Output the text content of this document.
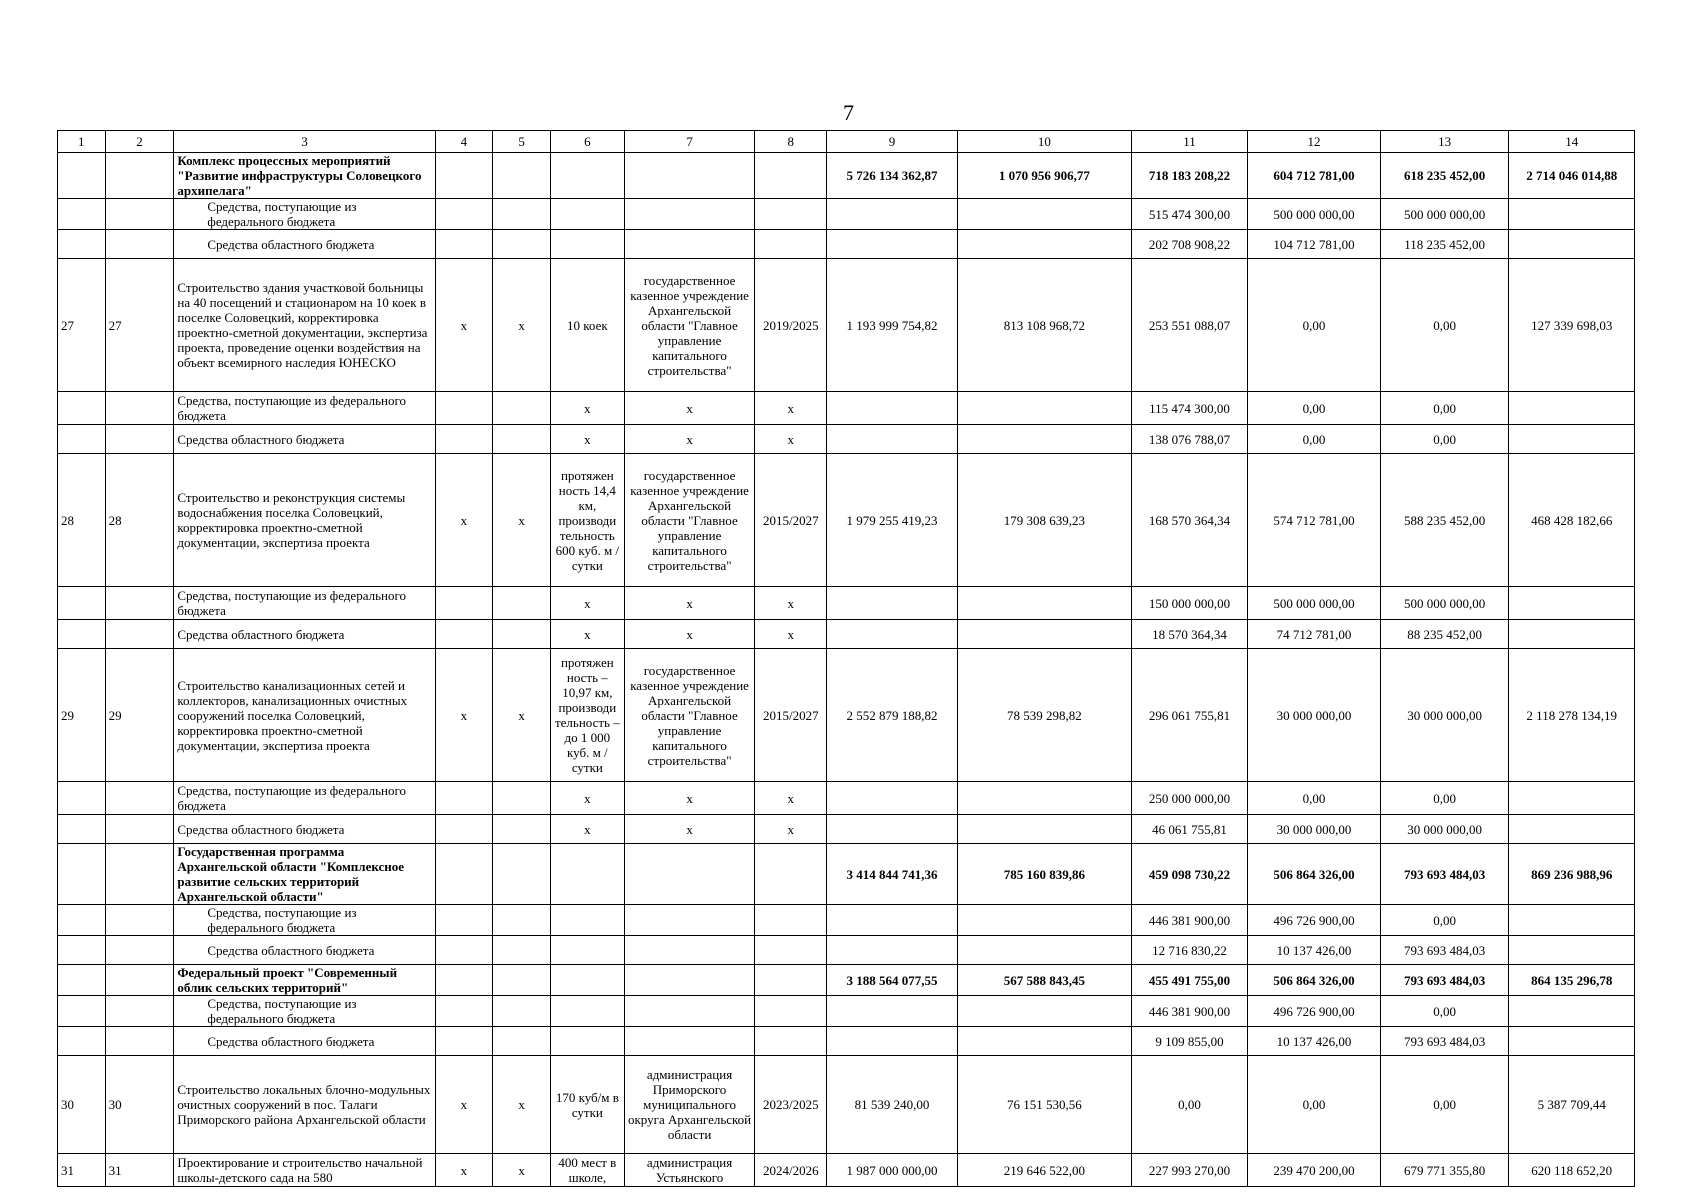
7
1	2	3	4	5	6	7	8	9	10	11	12	13	14
		Комплекс процессных мероприятий "Развитие инфраструктуры Соловецкого архипелага"						5 726 134 362,87	1 070 956 906,77	718 183 208,22	604 712 781,00	618 235 452,00	2 714 046 014,88
		Средства, поступающие из федерального бюджета								515 474 300,00	500 000 000,00	500 000 000,00	
		Средства областного бюджета								202 708 908,22	104 712 781,00	118 235 452,00	
27	27	Строительство здания участковой больницы на 40 посещений и стационаром на 10 коек в поселке Соловецкий, корректировка проектно-сметной документации, экспертиза проекта, проведение оценки воздействия на объект всемирного наследия ЮНЕСКО	х	х	10 коек	государственное казенное учреждение Архангельской области "Главное управление капитального строительства"	2019/2025	1 193 999 754,82	813 108 968,72	253 551 088,07	0,00	0,00	127 339 698,03
		Средства, поступающие из федерального бюджета			х	х	х			115 474 300,00	0,00	0,00	
		Средства областного бюджета			х	х	х			138 076 788,07	0,00	0,00	
28	28	Строительство и реконструкция системы водоснабжения поселка Соловецкий, корректировка проектно-сметной документации, экспертиза проекта	х	х	протяжен ность 14,4 км, производи тельность 600 куб. м / сутки	государственное казенное учреждение Архангельской области "Главное управление капитального строительства"	2015/2027	1 979 255 419,23	179 308 639,23	168 570 364,34	574 712 781,00	588 235 452,00	468 428 182,66
		Средства, поступающие из федерального бюджета			х	х	х			150 000 000,00	500 000 000,00	500 000 000,00	
		Средства областного бюджета			х	х	х			18 570 364,34	74 712 781,00	88 235 452,00	
29	29	Строительство канализационных сетей и коллекторов, канализационных очистных сооружений поселка Соловецкий, корректировка проектно-сметной документации, экспертиза проекта	х	х	протяжен ность – 10,97 км, производи тельность – до 1 000 куб. м / сутки	государственное казенное учреждение Архангельской области "Главное управление капитального строительства"	2015/2027	2 552 879 188,82	78 539 298,82	296 061 755,81	30 000 000,00	30 000 000,00	2 118 278 134,19
		Средства, поступающие из федерального бюджета			х	х	х			250 000 000,00	0,00	0,00	
		Средства областного бюджета			х	х	х			46 061 755,81	30 000 000,00	30 000 000,00	
		Государственная программа Архангельской области "Комплексное развитие сельских территорий Архангельской области"						3 414 844 741,36	785 160 839,86	459 098 730,22	506 864 326,00	793 693 484,03	869 236 988,96
		Средства, поступающие из федерального бюджета								446 381 900,00	496 726 900,00	0,00	
		Средства областного бюджета								12 716 830,22	10 137 426,00	793 693 484,03	
		Федеральный проект "Современный облик сельских территорий"						3 188 564 077,55	567 588 843,45	455 491 755,00	506 864 326,00	793 693 484,03	864 135 296,78
		Средства, поступающие из федерального бюджета								446 381 900,00	496 726 900,00	0,00	
		Средства областного бюджета								9 109 855,00	10 137 426,00	793 693 484,03	
30	30	Строительство локальных блочно-модульных очистных сооружений в пос. Талаги Приморского района Архангельской области	х	х	170 куб/м в сутки	администрация Приморского муниципального округа Архангельской области	2023/2025	81 539 240,00	76 151 530,56	0,00	0,00	0,00	5 387 709,44
31	31	Проектирование и строительство начальной школы-детского сада на 580	х	х	400 мест в школе,	администрация Устьянского	2024/2026	1 987 000 000,00	219 646 522,00	227 993 270,00	239 470 200,00	679 771 355,80	620 118 652,20
